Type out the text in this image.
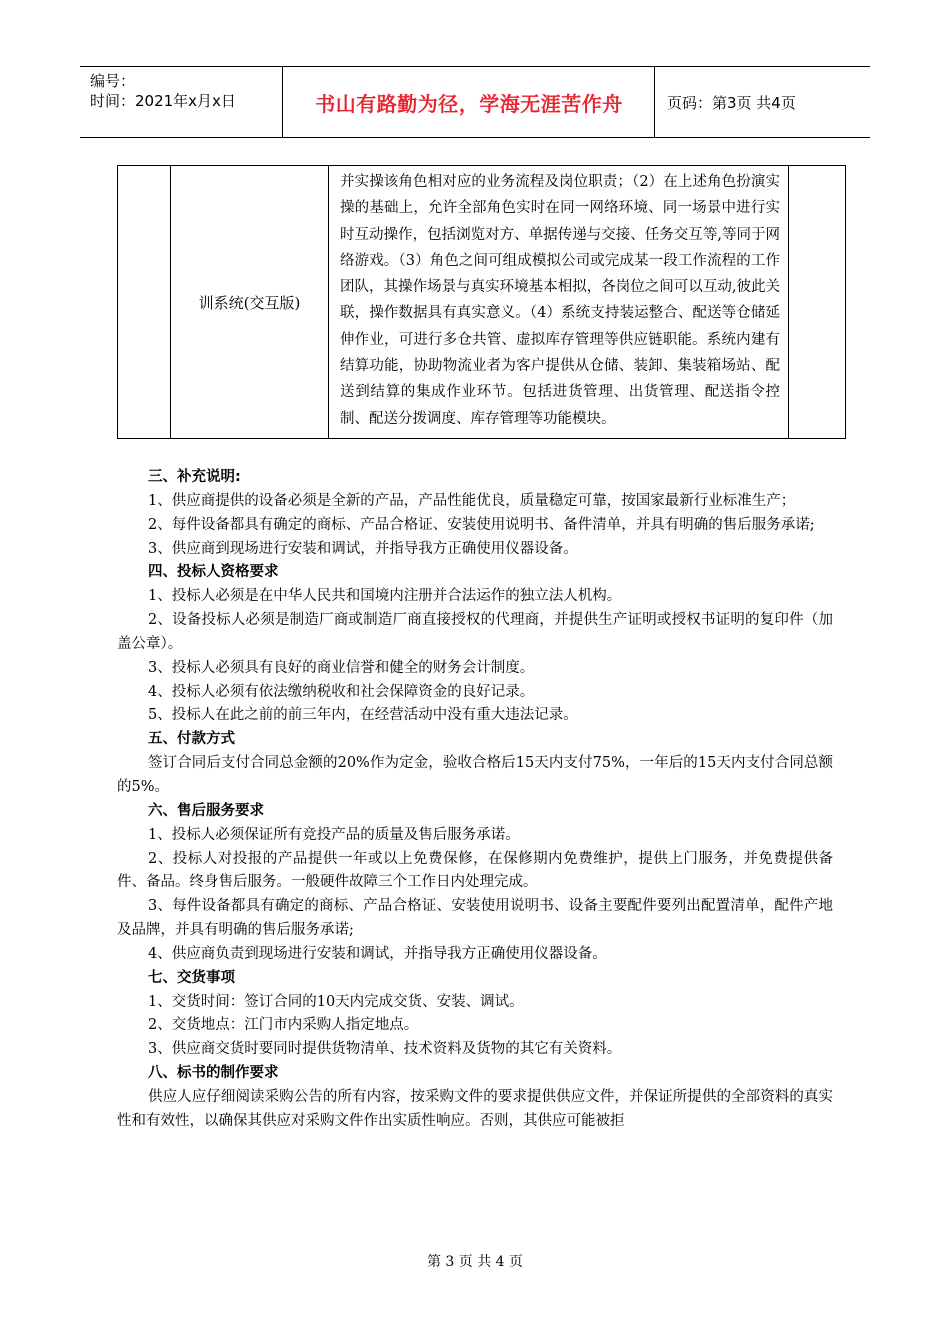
编号：
时间：2021年x月x日	书山有路勤为径，学海无涯苦作舟	页码：第3页 共4页
训系统(交互版)
并实操该角色相对应的业务流程及岗位职责；（2）在上述角色扮演实操的基础上，允许全部角色实时在同一网络环境、同一场景中进行实时互动操作，包括浏览对方、单据传递与交接、任务交互等,等同于网络游戏。（3）角色之间可组成模拟公司或完成某一段工作流程的工作团队，其操作场景与真实环境基本相拟，各岗位之间可以互动,彼此关联，操作数据具有真实意义。（4）系统支持装运整合、配送等仓储延伸作业，可进行多仓共管、虚拟库存管理等供应链职能。系统内建有结算功能，协助物流业者为客户提供从仓储、装卸、集装箱场站、配送到结算的集成作业环节。包括进货管理、出货管理、配送指令控制、配送分拨调度、库存管理等功能模块。
三、补充说明:
1、供应商提供的设备必须是全新的产品，产品性能优良，质量稳定可靠，按国家最新行业标准生产；
2、每件设备都具有确定的商标、产品合格证、安装使用说明书、备件清单，并具有明确的售后服务承诺;
3、供应商到现场进行安装和调试，并指导我方正确使用仪器设备。
四、投标人资格要求
1、投标人必须是在中华人民共和国境内注册并合法运作的独立法人机构。
2、设备投标人必须是制造厂商或制造厂商直接授权的代理商，并提供生产证明或授权书证明的复印件（加盖公章）。
3、投标人必须具有良好的商业信誉和健全的财务会计制度。
4、投标人必须有依法缴纳税收和社会保障资金的良好记录。
5、投标人在此之前的前三年内，在经营活动中没有重大违法记录。
五、付款方式
签订合同后支付合同总金额的20%作为定金，验收合格后15天内支付75%，一年后的15天内支付合同总额的5%。
六、售后服务要求
1、投标人必须保证所有竞投产品的质量及售后服务承诺。
2、投标人对投报的产品提供一年或以上免费保修，在保修期内免费维护，提供上门服务，并免费提供备件、备品。终身售后服务。一般硬件故障三个工作日内处理完成。
3、每件设备都具有确定的商标、产品合格证、安装使用说明书、设备主要配件要列出配置清单，配件产地及品牌，并具有明确的售后服务承诺;
4、供应商负责到现场进行安装和调试，并指导我方正确使用仪器设备。
七、交货事项
1、交货时间：签订合同的10天内完成交货、安装、调试。
2、交货地点：江门市内采购人指定地点。
3、供应商交货时要同时提供货物清单、技术资料及货物的其它有关资料。
八、标书的制作要求
供应人应仔细阅读采购公告的所有内容，按采购文件的要求提供供应文件，并保证所提供的全部资料的真实性和有效性，以确保其供应对采购文件作出实质性响应。否则，其供应可能被拒
第 3 页 共 4 页
